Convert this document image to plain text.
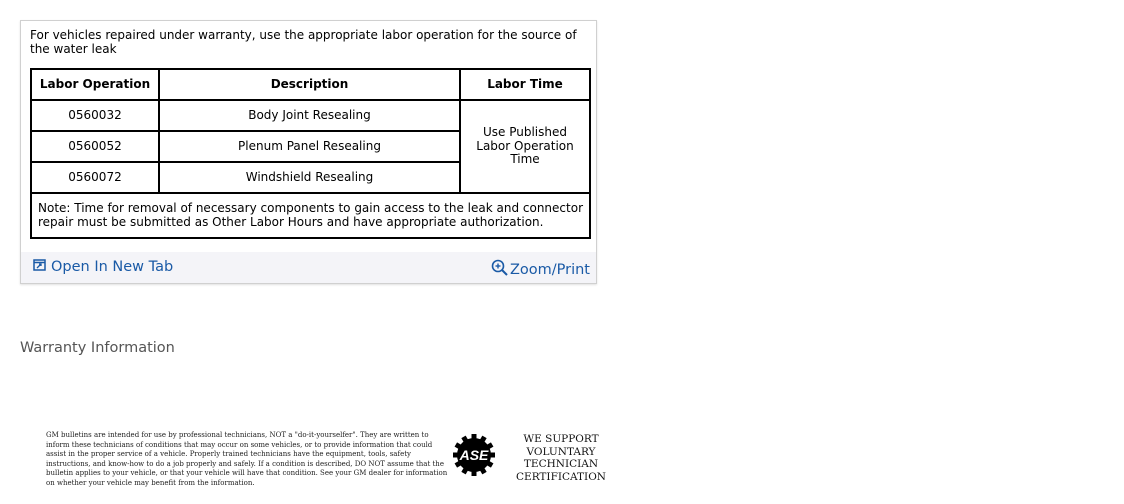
For vehicles repaired under warranty, use the appropriate labor operation for the source of the water leak
Labor Operation	Description	Labor Time
0560032	Body Joint Resealing	Use Published Labor Operation Time
0560052	Plenum Panel Resealing	
0560072	Windshield Resealing	
Note: Time for removal of necessary components to gain access to the leak and connector repair must be submitted as Other Labor Hours and have appropriate authorization.		
Open In New Tab	Zoom/Print
Warranty Information
GM bulletins are intended for use by professional technicians, NOT a "do-it-yourselfer". They are written to inform these technicians of conditions that may occur on some vehicles, or to provide information that could assist in the proper service of a vehicle. Properly trained technicians have the equipment, tools, safety instructions, and know-how to do a job properly and safely. If a condition is described, DO NOT assume that the bulletin applies to your vehicle, or that your vehicle will have that condition. See your GM dealer for information on whether your vehicle may benefit from the information.
ASE
WE SUPPORT
VOLUNTARY
TECHNICIAN
CERTIFICATION
